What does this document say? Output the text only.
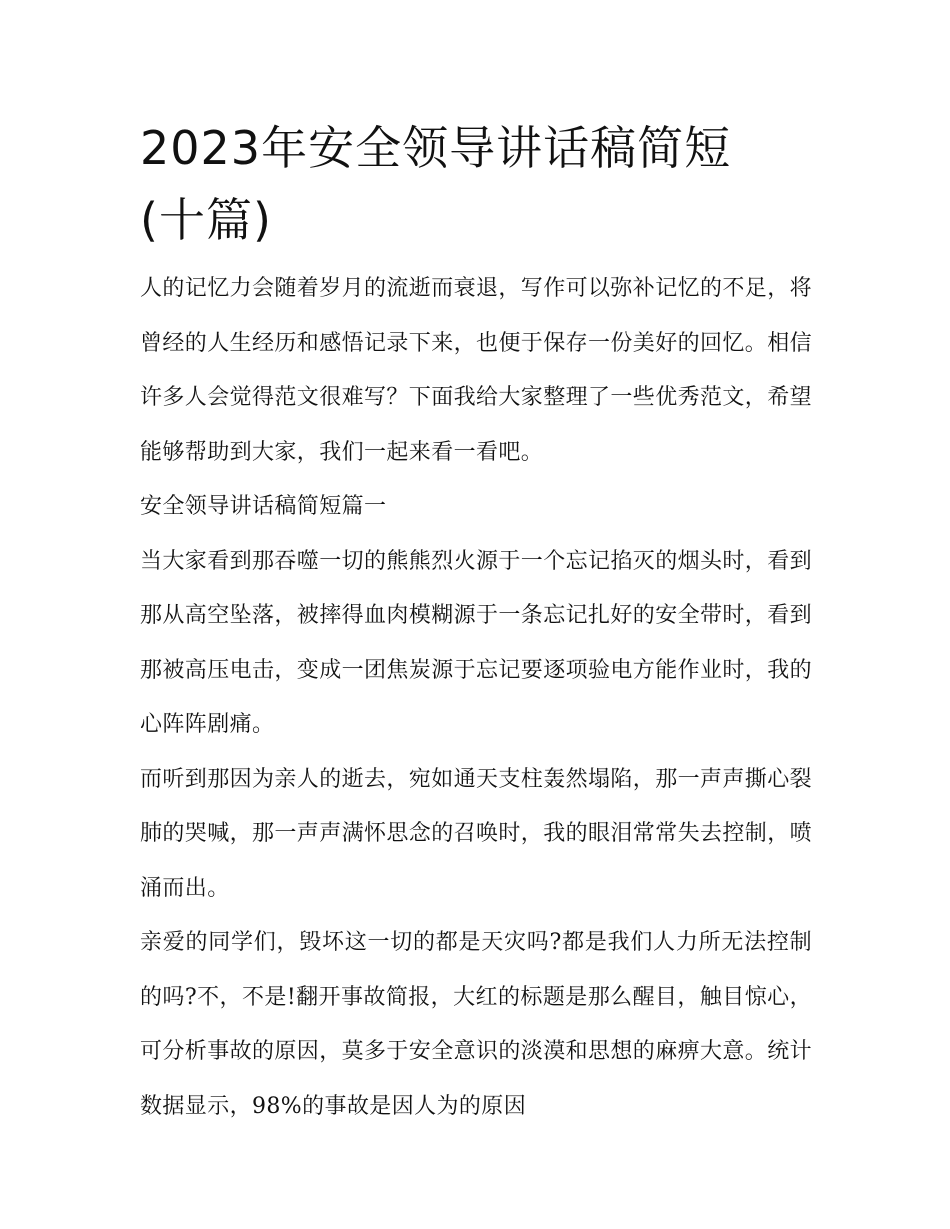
2023年安全领导讲话稿简短
(十篇)

人的记忆力会随着岁月的流逝而衰退，写作可以弥补记忆的不足，将曾经的人生经历和感悟记录下来，也便于保存一份美好的回忆。相信许多人会觉得范文很难写？下面我给大家整理了一些优秀范文，希望能够帮助到大家，我们一起来看一看吧。

安全领导讲话稿简短篇一

当大家看到那吞噬一切的熊熊烈火源于一个忘记掐灭的烟头时，看到那从高空坠落，被摔得血肉模糊源于一条忘记扎好的安全带时，看到那被高压电击，变成一团焦炭源于忘记要逐项验电方能作业时，我的心阵阵剧痛。

而听到那因为亲人的逝去，宛如通天支柱轰然塌陷，那一声声撕心裂肺的哭喊，那一声声满怀思念的召唤时，我的眼泪常常失去控制，喷涌而出。

亲爱的同学们，毁坏这一切的都是天灾吗?都是我们人力所无法控制的吗?不，不是!翻开事故简报，大红的标题是那么醒目，触目惊心，可分析事故的原因，莫多于安全意识的淡漠和思想的麻痹大意。统计数据显示，98%的事故是因人为的原因
